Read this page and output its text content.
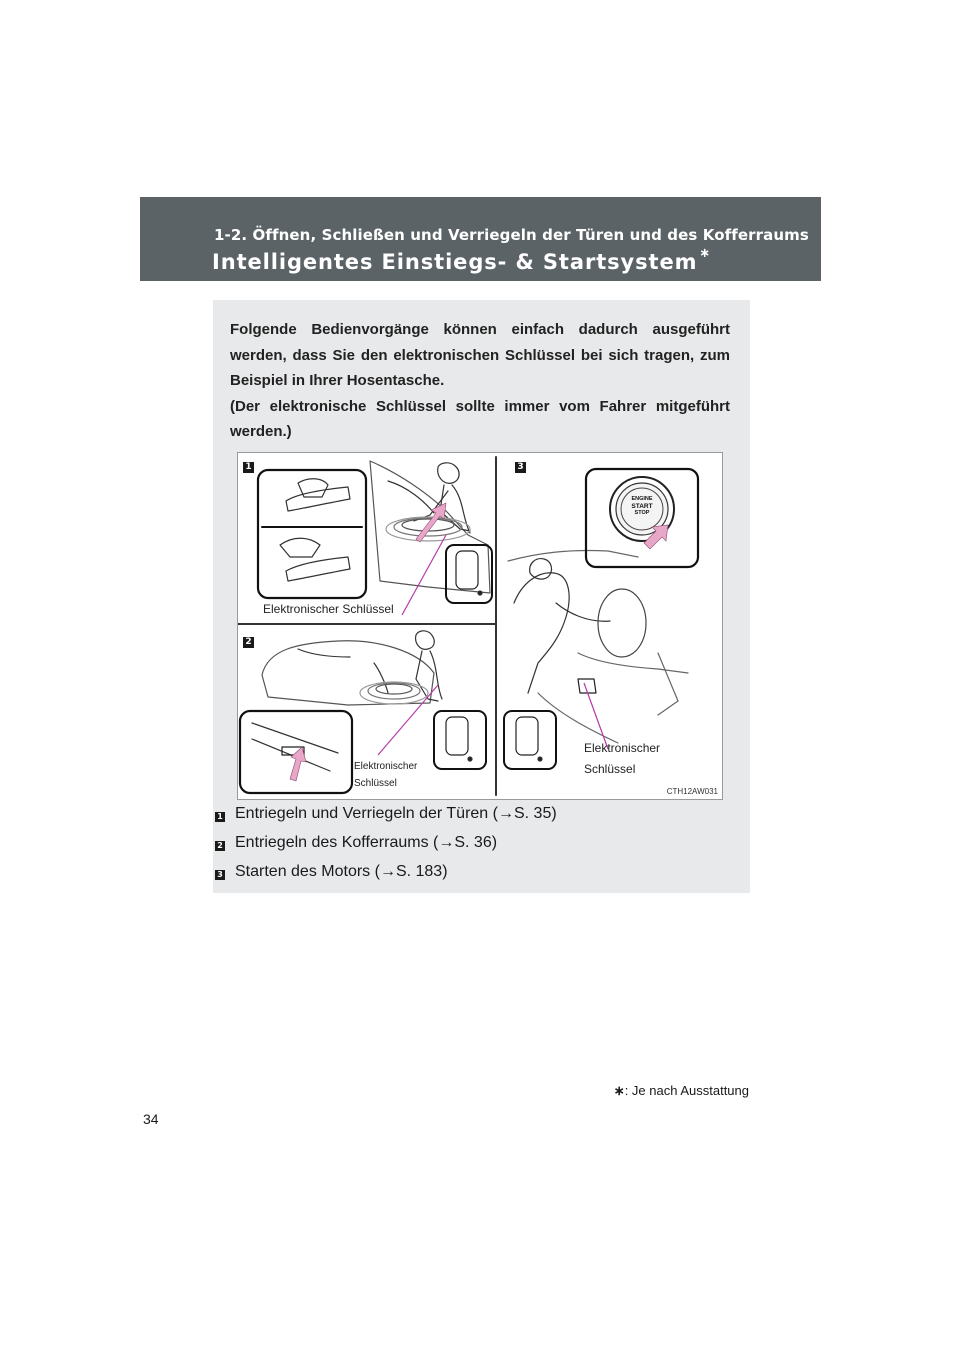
1-2. Öffnen, Schließen und Verriegeln der Türen und des Kofferraums
Intelligentes Einstiegs- & Startsystem ∗

Folgende Bedienvorgänge können einfach dadurch ausgeführt werden, dass Sie den elektronischen Schlüssel bei sich tragen, zum Beispiel in Ihrer Hosentasche.

(Der elektronische Schlüssel sollte immer vom Fahrer mitgeführt werden.)

1
2
3
ENGINE
START
STOP
Elektronischer Schlüssel
Elektronischer
Schlüssel
Elektronischer
Schlüssel
CTH12AW031
1 Entriegeln und Verriegeln der Türen (→S. 35)
2 Entriegeln des Kofferraums (→S. 36)
3 Starten des Motors (→S. 183)
∗: Je nach Ausstattung
34
